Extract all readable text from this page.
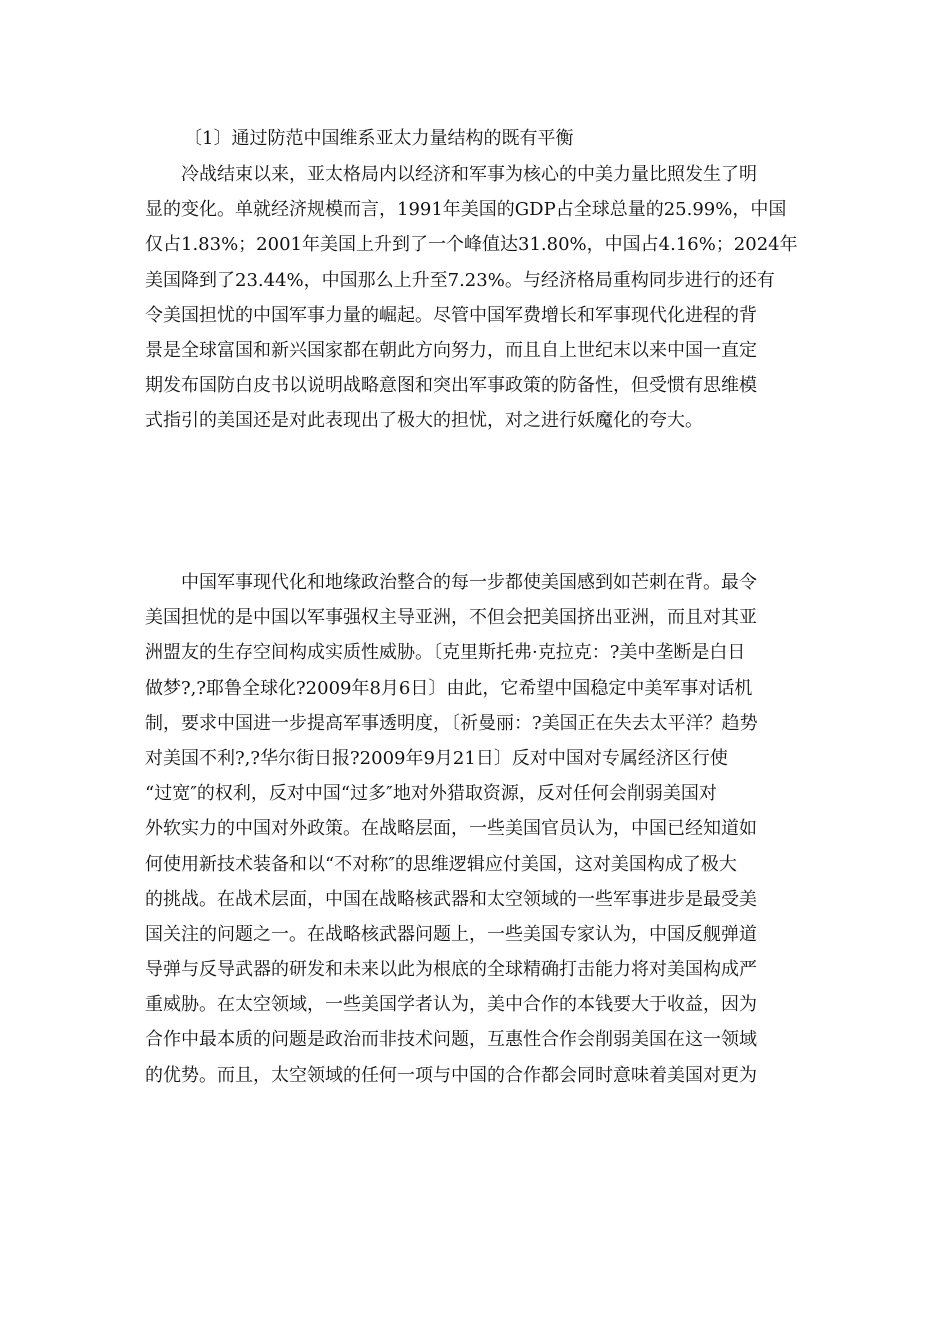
〔1〕通过防范中国维系亚太力量结构的既有平衡
　　冷战结束以来，亚太格局内以经济和军事为核心的中美力量比照发生了明
显的变化。单就经济规模而言，1991年美国的GDP占全球总量的25.99%，中国
仅占1.83%；2001年美国上升到了一个峰值达31.80%，中国占4.16%；2024年
美国降到了23.44%，中国那么上升至7.23%。与经济格局重构同步进行的还有
令美国担忧的中国军事力量的崛起。尽管中国军费增长和军事现代化进程的背
景是全球富国和新兴国家都在朝此方向努力，而且自上世纪末以来中国一直定
期发布国防白皮书以说明战略意图和突出军事政策的防备性，但受惯有思维模
式指引的美国还是对此表现出了极大的担忧，对之进行妖魔化的夸大。
　　中国军事现代化和地缘政治整合的每一步都使美国感到如芒刺在背。最令
美国担忧的是中国以军事强权主导亚洲，不但会把美国挤出亚洲，而且对其亚
洲盟友的生存空间构成实质性威胁。〔克里斯托弗·克拉克：?美中垄断是白日
做梦?,?耶鲁全球化?2009年8月6日〕由此，它希望中国稳定中美军事对话机
制，要求中国进一步提高军事透明度，〔祈曼丽：?美国正在失去太平洋？趋势
对美国不利?,?华尔街日报?2009年9月21日〕反对中国对专属经济区行使
“过宽″的权利，反对中国“过多″地对外猎取资源，反对任何会削弱美国对
外软实力的中国对外政策。在战略层面，一些美国官员认为，中国已经知道如
何使用新技术装备和以“不对称″的思维逻辑应付美国，这对美国构成了极大
的挑战。在战术层面，中国在战略核武器和太空领域的一些军事进步是最受美
国关注的问题之一。在战略核武器问题上，一些美国专家认为，中国反舰弹道
导弹与反导武器的研发和未来以此为根底的全球精确打击能力将对美国构成严
重威胁。在太空领域，一些美国学者认为，美中合作的本钱要大于收益，因为
合作中最本质的问题是政治而非技术问题，互惠性合作会削弱美国在这一领域
的优势。而且，太空领域的任何一项与中国的合作都会同时意味着美国对更为
